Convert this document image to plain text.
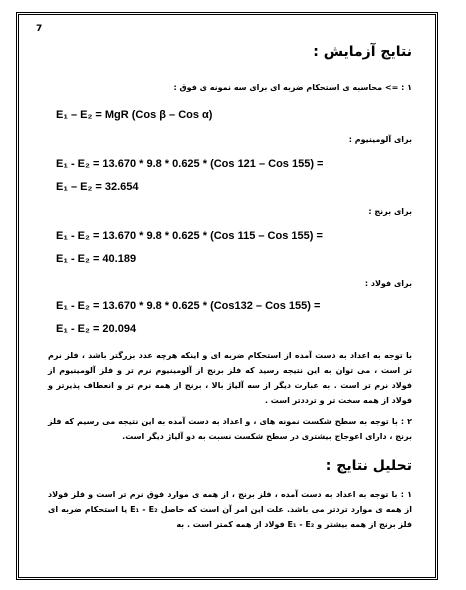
7
نتایج آزمایش :
۱ : => محاسبه ی استحکام ضربه ای برای سه نمونه ی فوق :
E₁ – E₂ = MgR (Cos β – Cos α)
برای آلومینیوم :
E₁ - E₂ = 13.670 * 9.8 * 0.625 * (Cos 121 – Cos 155) =
E₁ – E₂ = 32.654
برای برنج :
E₁ - E₂ = 13.670 * 9.8 * 0.625 * (Cos 115 – Cos 155) =
E₁ - E₂ = 40.189
برای فولاد :
E₁ - E₂ = 13.670 * 9.8 * 0.625 * (Cos132 – Cos 155) =
E₁ - E₂ = 20.094
با توجه به اعداد به دست آمده از استحکام ضربه ای و اینکه هرچه عدد بزرگتر باشد ، فلز نرم تر است ، می توان به این نتیجه رسید که فلز برنج از آلومینیوم نرم تر و فلز آلومینیوم از فولاد نرم تر است . به عبارت دیگر از سه آلیاژ بالا ، برنج از همه نرم تر و انعطاف پذیرتر و فولاد از همه سخت تر و ترددتر است .
۲ : با توجه به سطح شکست نمونه های ، و اعداد به دست آمده به این نتیجه می رسیم که فلز برنج ، دارای اعوجاج بیشتری در سطح شکست نسبت به دو آلیاژ دیگر است.
تحلیل نتایج :
۱ : با توجه به اعداد به دست آمده ، فلز برنج ، از همه ی موارد فوق نرم تر است و فلز فولاد از همه ی موارد تردتر می باشد. علت این امر آن است که حاصل E₁ - E₂ یا استحکام ضربه ای فلز برنج از همه بیشتر و E₁ - E₂ فولاد از همه کمتر است . به
